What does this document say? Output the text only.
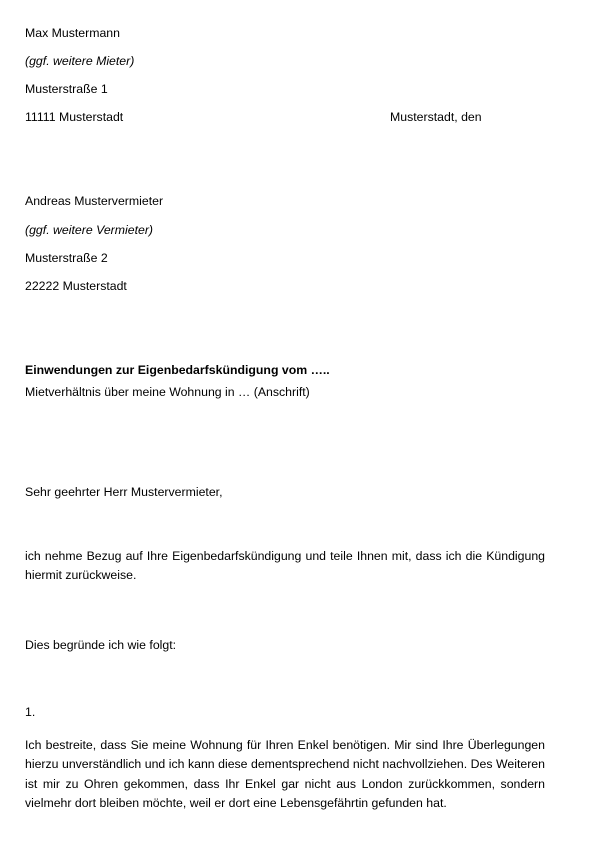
Max Mustermann
(ggf. weitere Mieter)
Musterstraße 1
11111 Musterstadt	Musterstadt, den
Andreas Mustervermieter
(ggf. weitere Vermieter)
Musterstraße 2
22222 Musterstadt
Einwendungen zur Eigenbedarfskündigung vom …..
Mietverhältnis über meine Wohnung in … (Anschrift)
Sehr geehrter Herr Mustervermieter,
ich nehme Bezug auf Ihre Eigenbedarfskündigung und teile Ihnen mit, dass ich die Kündigung hiermit zurückweise.
Dies begründe ich wie folgt:
1.
Ich bestreite, dass Sie meine Wohnung für Ihren Enkel benötigen. Mir sind Ihre Überlegungen hierzu unverständlich und ich kann diese dementsprechend nicht nachvollziehen. Des Weiteren ist mir zu Ohren gekommen, dass Ihr Enkel gar nicht aus London zurückkommen, sondern vielmehr dort bleiben möchte, weil er dort eine Lebensgefährtin gefunden hat.
